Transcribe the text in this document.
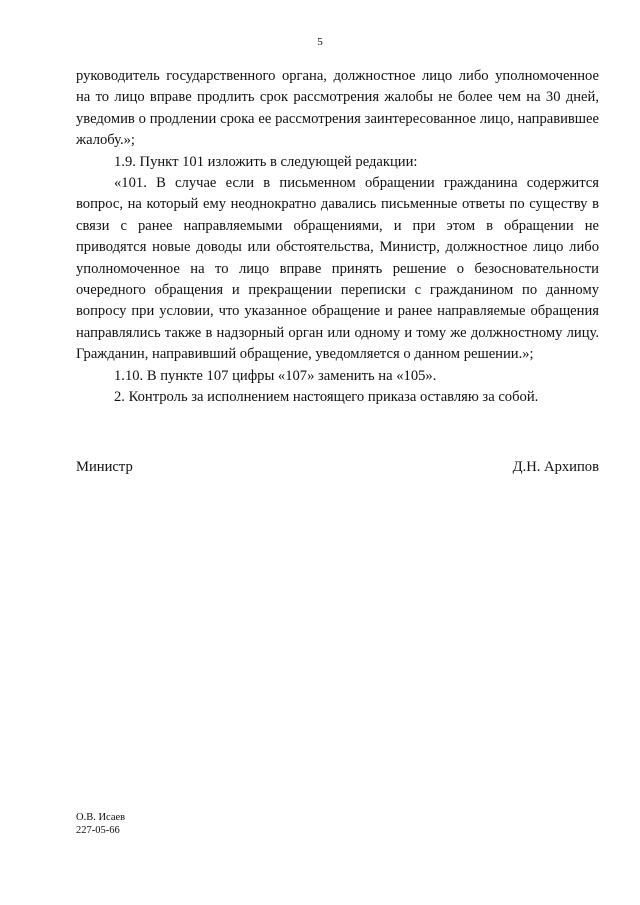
5

руководитель государственного органа, должностное лицо либо уполномоченное на то лицо вправе продлить срок рассмотрения жалобы не более чем на 30 дней, уведомив о продлении срока ее рассмотрения заинтересованное лицо, направившее жалобу.»;

1.9. Пункт 101 изложить в следующей редакции:

«101. В случае если в письменном обращении гражданина содержится вопрос, на который ему неоднократно давались письменные ответы по существу в связи с ранее направляемыми обращениями, и при этом в обращении не приводятся новые доводы или обстоятельства, Министр, должностное лицо либо уполномоченное на то лицо вправе принять решение о безосновательности очередного обращения и прекращении переписки с гражданином по данному вопросу при условии, что указанное обращение и ранее направляемые обращения направлялись также в надзорный орган или одному и тому же должностному лицу. Гражданин, направивший обращение, уведомляется о данном решении.»;

1.10. В пункте 107 цифры «107» заменить на «105».

2. Контроль за исполнением настоящего приказа оставляю за собой.

Министр	Д.Н. Архипов
О.В. Исаев
227-05-66
